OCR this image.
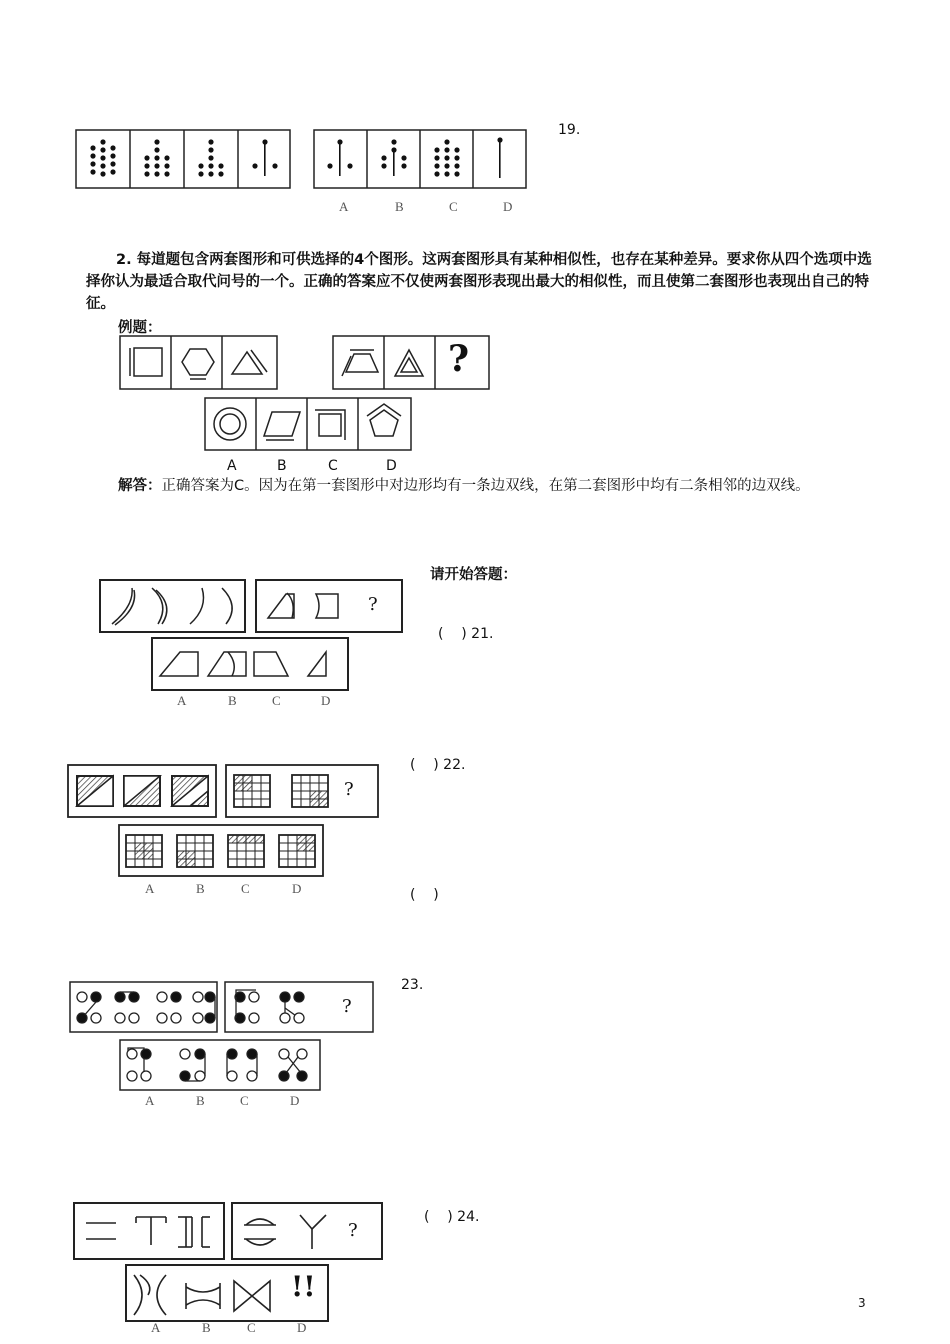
A	B	C	D
19.
2. 每道题包含两套图形和可供选择的4个图形。这两套图形具有某种相似性，也存在某种差异。要求你从四个选项中选择你认为最适合取代问号的一个。正确的答案应不仅使两套图形表现出最大的相似性，而且使第二套图形也表现出自己的特征。
例题：
?
A	B	C	D
解答：正确答案为C。因为在第一套图形中对边形均有一条边双线，在第二套图形中均有二条相邻的边双线。
请开始答题：
?
A	B	C	D
(    ) 21.
?
A	B	C	D
(    ) 22.
(    )
?
A	B	C	D
23.
!!
?
A	B	C	D
(    ) 24.
3
